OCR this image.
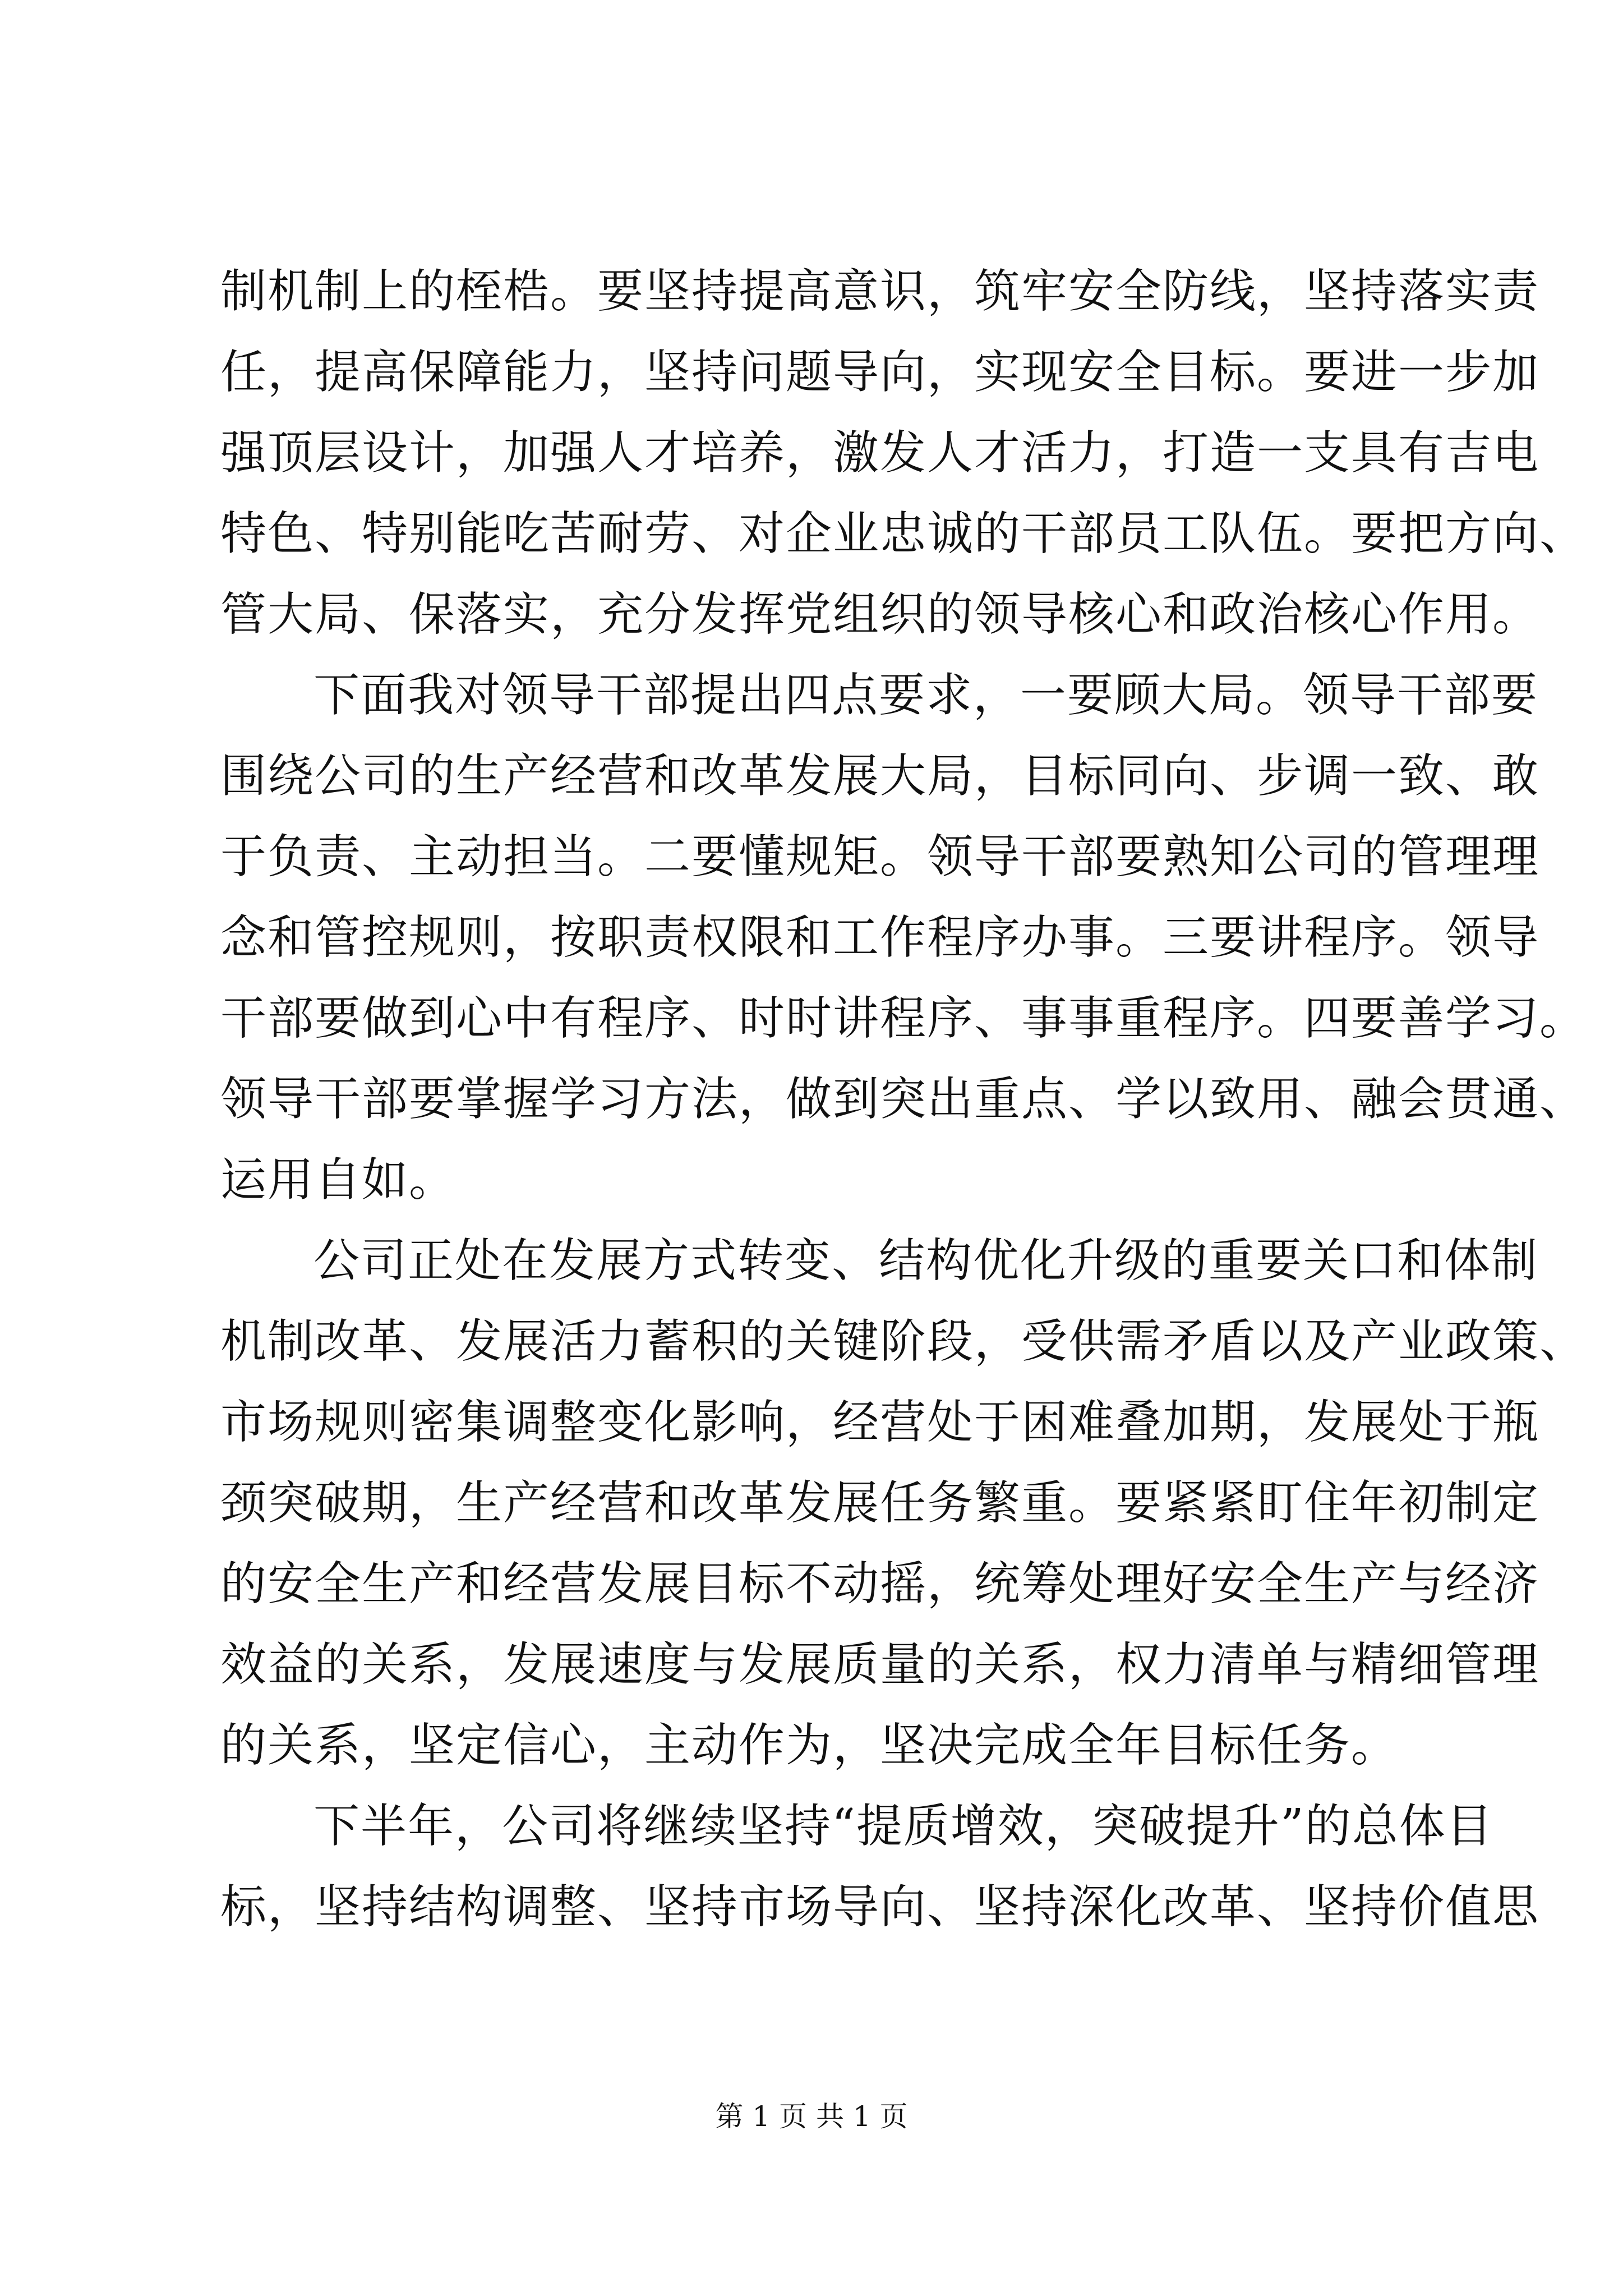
制机制上的桎梏。要坚持提高意识，筑牢安全防线，坚持落实责
任，提高保障能力，坚持问题导向，实现安全目标。要进一步加
强顶层设计，加强人才培养，激发人才活力，打造一支具有吉电
特色、特别能吃苦耐劳、对企业忠诚的干部员工队伍。要把方向、
管大局、保落实，充分发挥党组织的领导核心和政治核心作用。
下面我对领导干部提出四点要求，一要顾大局。领导干部要
围绕公司的生产经营和改革发展大局，目标同向、步调一致、敢
于负责、主动担当。二要懂规矩。领导干部要熟知公司的管理理
念和管控规则，按职责权限和工作程序办事。三要讲程序。领导
干部要做到心中有程序、时时讲程序、事事重程序。四要善学习。
领导干部要掌握学习方法，做到突出重点、学以致用、融会贯通、
运用自如。
公司正处在发展方式转变、结构优化升级的重要关口和体制
机制改革、发展活力蓄积的关键阶段，受供需矛盾以及产业政策、
市场规则密集调整变化影响，经营处于困难叠加期，发展处于瓶
颈突破期，生产经营和改革发展任务繁重。要紧紧盯住年初制定
的安全生产和经营发展目标不动摇，统筹处理好安全生产与经济
效益的关系，发展速度与发展质量的关系，权力清单与精细管理
的关系，坚定信心，主动作为，坚决完成全年目标任务。
下半年，公司将继续坚持“提质增效，突破提升”的总体目
标，坚持结构调整、坚持市场导向、坚持深化改革、坚持价值思
第 1 页 共 1 页
